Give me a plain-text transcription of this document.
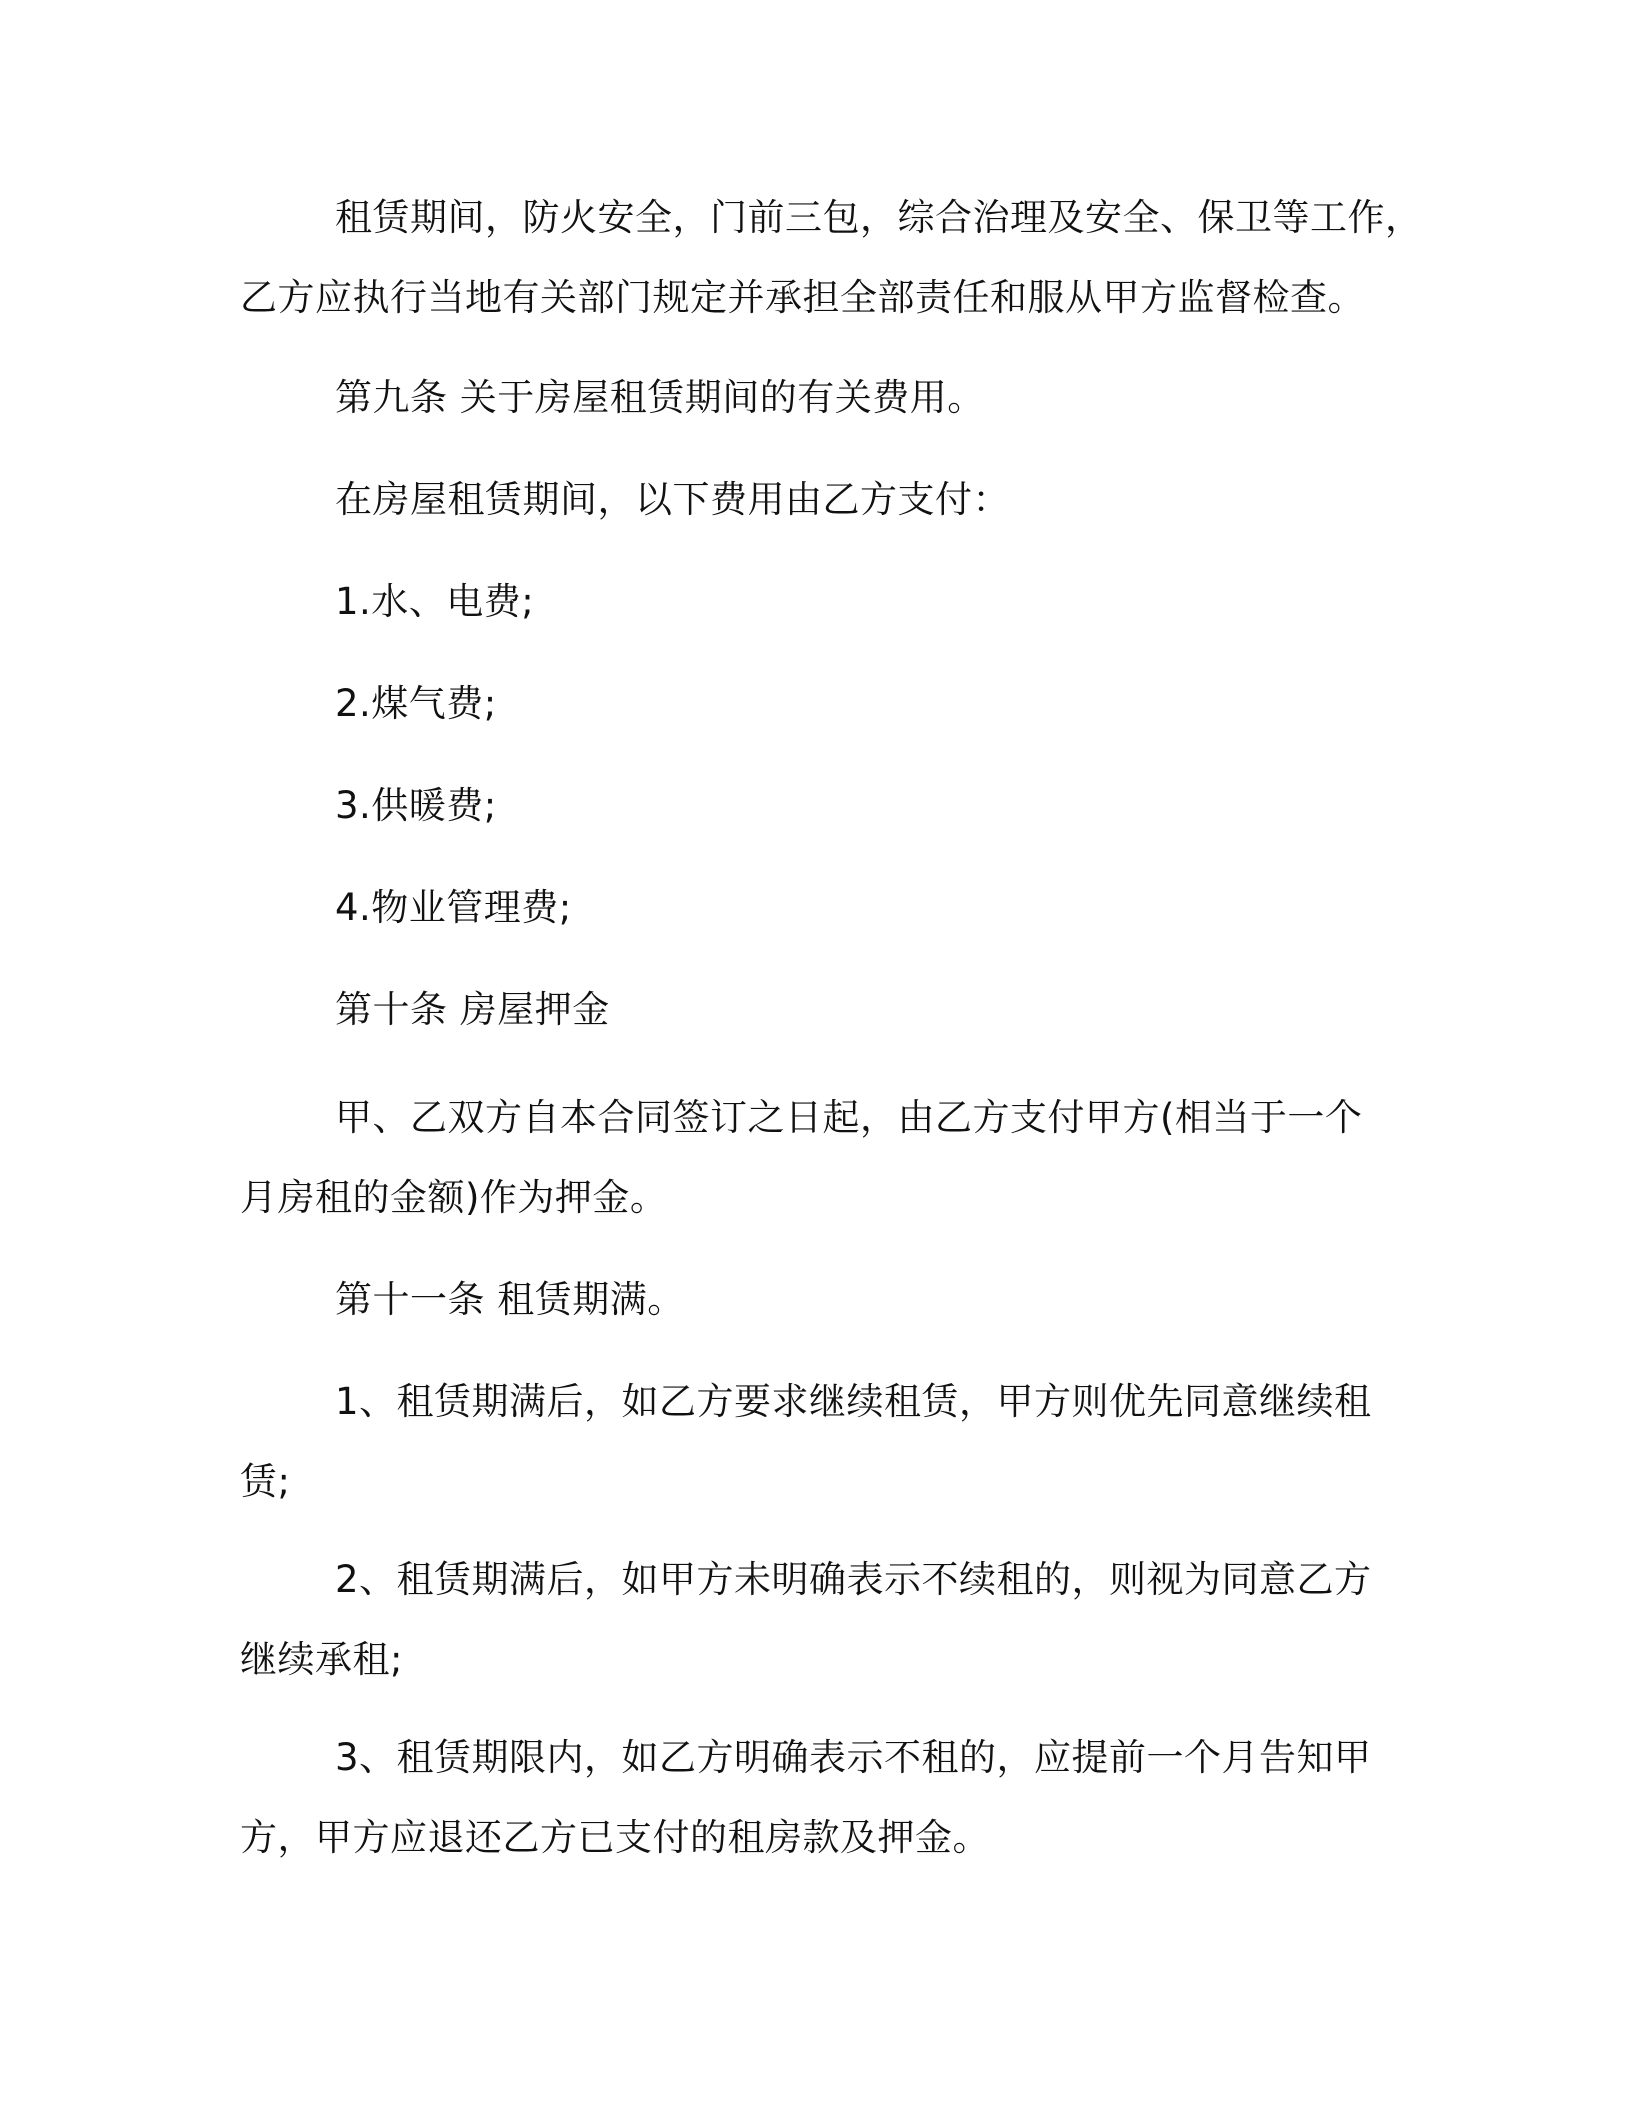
租赁期间，防火安全，门前三包，综合治理及安全、保卫等工作，
乙方应执行当地有关部门规定并承担全部责任和服从甲方监督检查。
第九条 关于房屋租赁期间的有关费用。
在房屋租赁期间，以下费用由乙方支付：
1.水、电费;
2.煤气费;
3.供暖费;
4.物业管理费;
第十条 房屋押金
甲、乙双方自本合同签订之日起，由乙方支付甲方(相当于一个
月房租的金额)作为押金。
第十一条 租赁期满。
1、租赁期满后，如乙方要求继续租赁，甲方则优先同意继续租
赁;
2、租赁期满后，如甲方未明确表示不续租的，则视为同意乙方
继续承租;
3、租赁期限内，如乙方明确表示不租的，应提前一个月告知甲
方，甲方应退还乙方已支付的租房款及押金。
